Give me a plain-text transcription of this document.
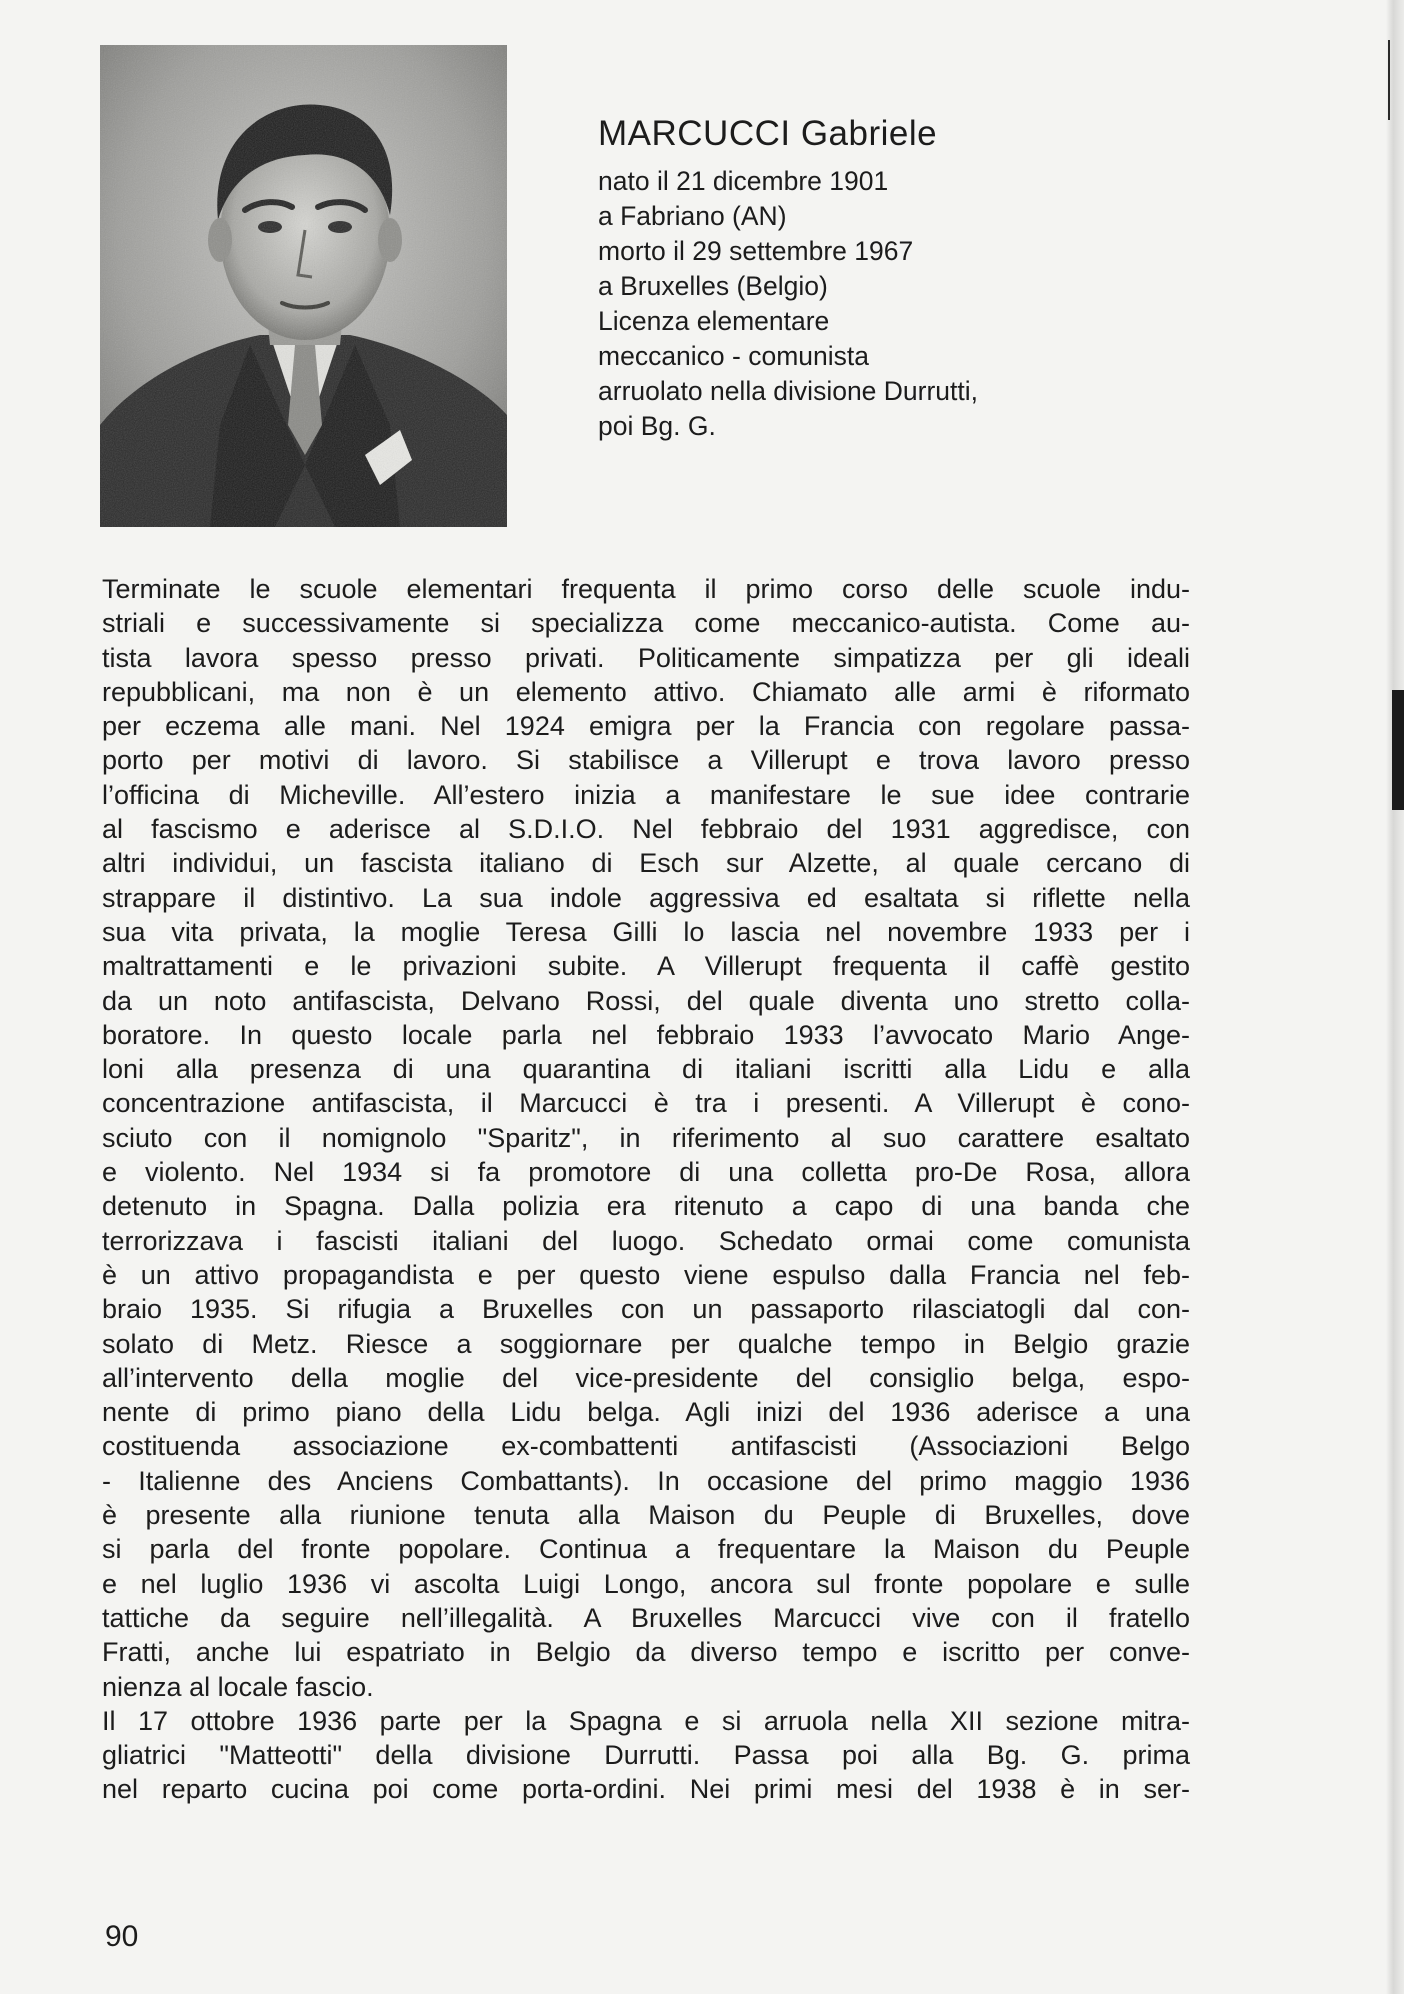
MARCUCCI Gabriele
nato il 21 dicembre 1901
a Fabriano (AN)
morto il 29 settembre 1967
a Bruxelles (Belgio)
Licenza elementare
meccanico - comunista
arruolato nella divisione Durrutti,
poi Bg. G.
Terminate le scuole elementari frequenta il primo corso delle scuole indu-
striali e successivamente si specializza come meccanico-autista. Come au-
tista lavora spesso presso privati. Politicamente simpatizza per gli ideali
repubblicani, ma non è un elemento attivo. Chiamato alle armi è riformato
per eczema alle mani. Nel 1924 emigra per la Francia con regolare passa-
porto per motivi di lavoro. Si stabilisce a Villerupt e trova lavoro presso
l’officina di Micheville. All’estero inizia a manifestare le sue idee contrarie
al fascismo e aderisce al S.D.I.O. Nel febbraio del 1931 aggredisce, con
altri individui, un fascista italiano di Esch sur Alzette, al quale cercano di
strappare il distintivo. La sua indole aggressiva ed esaltata si riflette nella
sua vita privata, la moglie Teresa Gilli lo lascia nel novembre 1933 per i
maltrattamenti e le privazioni subite. A Villerupt frequenta il caffè gestito
da un noto antifascista, Delvano Rossi, del quale diventa uno stretto colla-
boratore. In questo locale parla nel febbraio 1933 l’avvocato Mario Ange-
loni alla presenza di una quarantina di italiani iscritti alla Lidu e alla
concentrazione antifascista, il Marcucci è tra i presenti. A Villerupt è cono-
sciuto con il nomignolo "Sparitz", in riferimento al suo carattere esaltato
e violento. Nel 1934 si fa promotore di una colletta pro-De Rosa, allora
detenuto in Spagna. Dalla polizia era ritenuto a capo di una banda che
terrorizzava i fascisti italiani del luogo. Schedato ormai come comunista
è un attivo propagandista e per questo viene espulso dalla Francia nel feb-
braio 1935. Si rifugia a Bruxelles con un passaporto rilasciatogli dal con-
solato di Metz. Riesce a soggiornare per qualche tempo in Belgio grazie
all’intervento della moglie del vice-presidente del consiglio belga, espo-
nente di primo piano della Lidu belga. Agli inizi del 1936 aderisce a una
costituenda associazione ex-combattenti antifascisti (Associazioni Belgo
- Italienne des Anciens Combattants). In occasione del primo maggio 1936
è presente alla riunione tenuta alla Maison du Peuple di Bruxelles, dove
si parla del fronte popolare. Continua a frequentare la Maison du Peuple
e nel luglio 1936 vi ascolta Luigi Longo, ancora sul fronte popolare e sulle
tattiche da seguire nell’illegalità. A Bruxelles Marcucci vive con il fratello
Fratti, anche lui espatriato in Belgio da diverso tempo e iscritto per conve-
nienza al locale fascio.
Il 17 ottobre 1936 parte per la Spagna e si arruola nella XII sezione mitra-
gliatrici "Matteotti" della divisione Durrutti. Passa poi alla Bg. G. prima
nel reparto cucina poi come porta-ordini. Nei primi mesi del 1938 è in ser-
90
